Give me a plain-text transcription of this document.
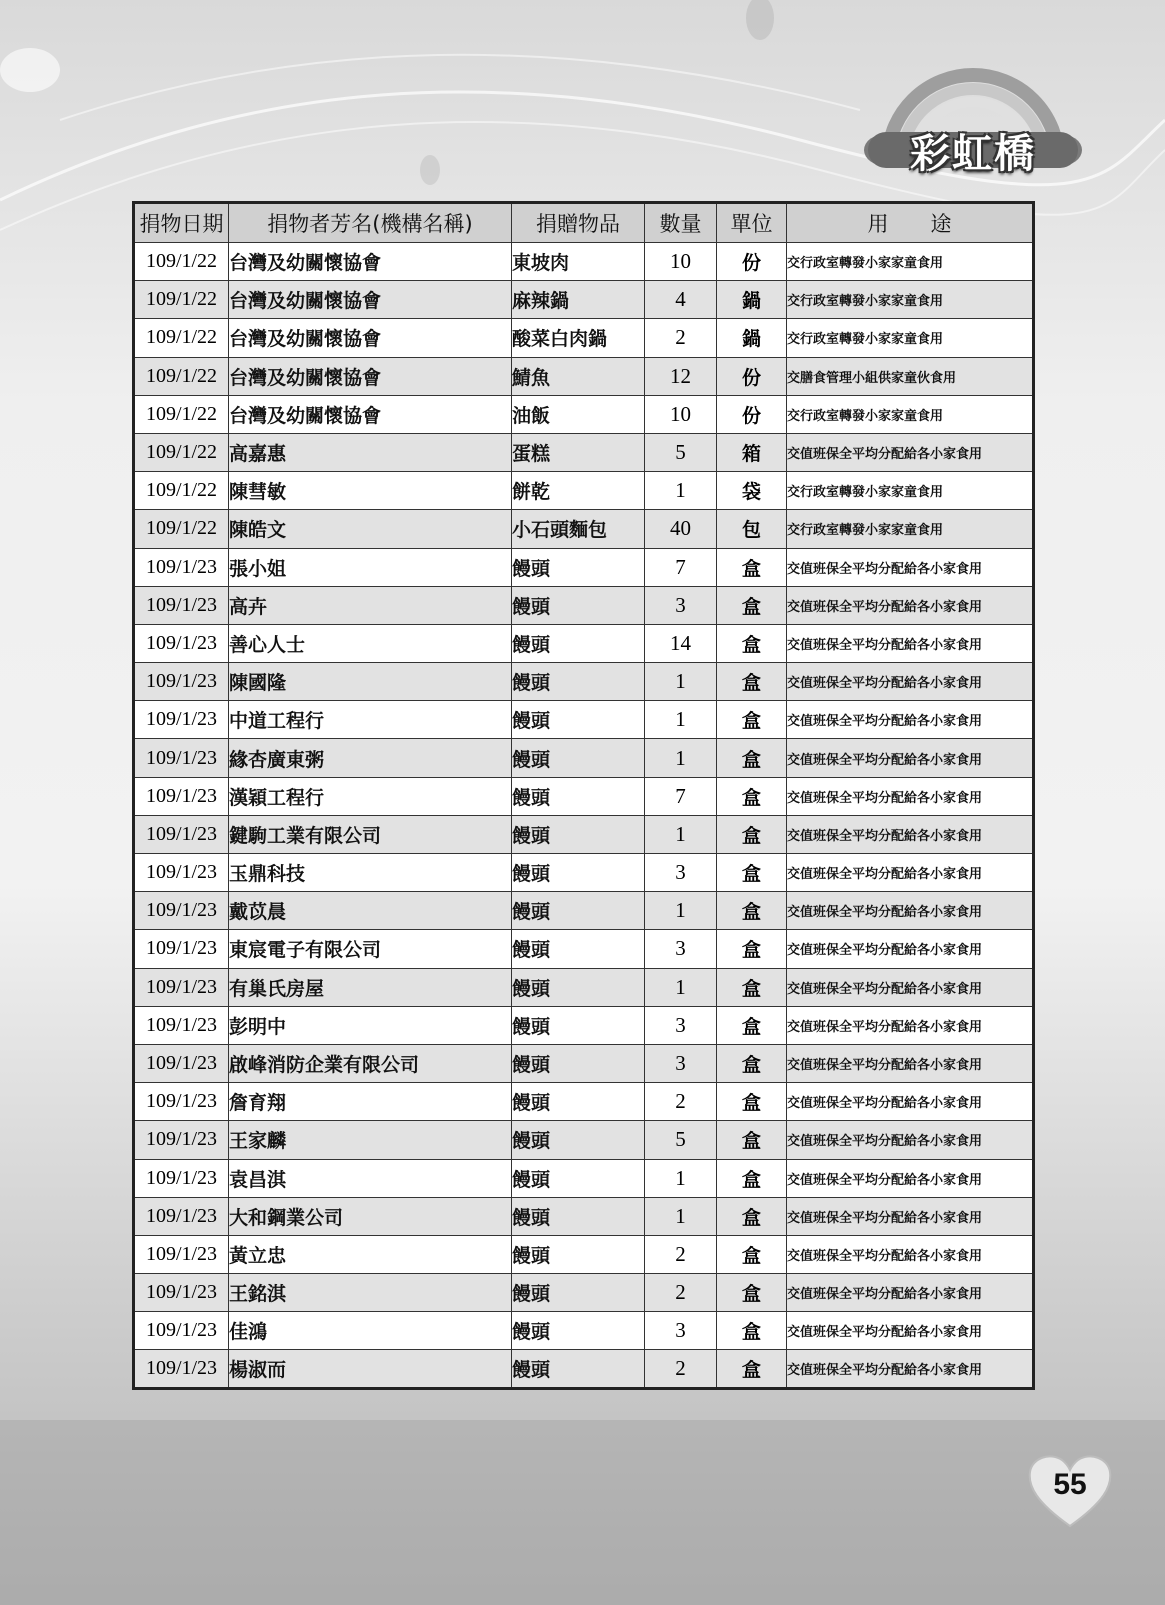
彩虹橋
捐物日期	捐物者芳名(機構名稱)	捐贈物品	數量	單位	用　　途
109/1/22	台灣及幼關懷協會	東坡肉	10	份	交行政室轉發小家家童食用
109/1/22	台灣及幼關懷協會	麻辣鍋	4	鍋	交行政室轉發小家家童食用
109/1/22	台灣及幼關懷協會	酸菜白肉鍋	2	鍋	交行政室轉發小家家童食用
109/1/22	台灣及幼關懷協會	鯖魚	12	份	交膳食管理小組供家童伙食用
109/1/22	台灣及幼關懷協會	油飯	10	份	交行政室轉發小家家童食用
109/1/22	高嘉惠	蛋糕	5	箱	交值班保全平均分配給各小家食用
109/1/22	陳彗敏	餅乾	1	袋	交行政室轉發小家家童食用
109/1/22	陳皓文	小石頭麵包	40	包	交行政室轉發小家家童食用
109/1/23	張小姐	饅頭	7	盒	交值班保全平均分配給各小家食用
109/1/23	高卉	饅頭	3	盒	交值班保全平均分配給各小家食用
109/1/23	善心人士	饅頭	14	盒	交值班保全平均分配給各小家食用
109/1/23	陳國隆	饅頭	1	盒	交值班保全平均分配給各小家食用
109/1/23	中道工程行	饅頭	1	盒	交值班保全平均分配給各小家食用
109/1/23	緣杏廣東粥	饅頭	1	盒	交值班保全平均分配給各小家食用
109/1/23	漢穎工程行	饅頭	7	盒	交值班保全平均分配給各小家食用
109/1/23	鍵駒工業有限公司	饅頭	1	盒	交值班保全平均分配給各小家食用
109/1/23	玉鼎科技	饅頭	3	盒	交值班保全平均分配給各小家食用
109/1/23	戴苡晨	饅頭	1	盒	交值班保全平均分配給各小家食用
109/1/23	東宸電子有限公司	饅頭	3	盒	交值班保全平均分配給各小家食用
109/1/23	有巢氏房屋	饅頭	1	盒	交值班保全平均分配給各小家食用
109/1/23	彭明中	饅頭	3	盒	交值班保全平均分配給各小家食用
109/1/23	啟峰消防企業有限公司	饅頭	3	盒	交值班保全平均分配給各小家食用
109/1/23	詹育翔	饅頭	2	盒	交值班保全平均分配給各小家食用
109/1/23	王家麟	饅頭	5	盒	交值班保全平均分配給各小家食用
109/1/23	袁昌淇	饅頭	1	盒	交值班保全平均分配給各小家食用
109/1/23	大和鋼業公司	饅頭	1	盒	交值班保全平均分配給各小家食用
109/1/23	黃立忠	饅頭	2	盒	交值班保全平均分配給各小家食用
109/1/23	王銘淇	饅頭	2	盒	交值班保全平均分配給各小家食用
109/1/23	佳鴻	饅頭	3	盒	交值班保全平均分配給各小家食用
109/1/23	楊淑而	饅頭	2	盒	交值班保全平均分配給各小家食用
55
